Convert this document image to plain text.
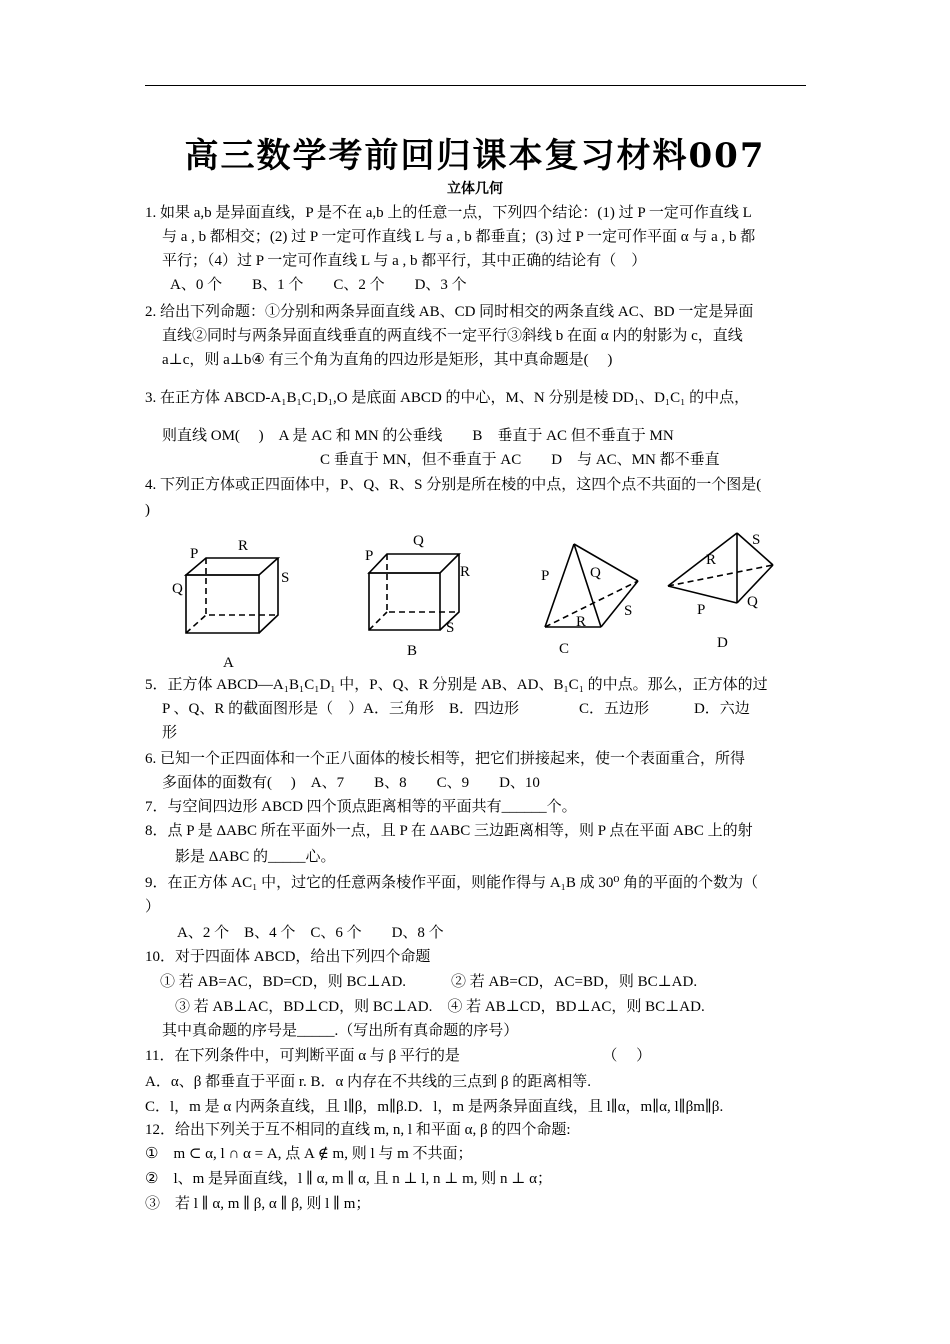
高三数学考前回归课本复习材料007
立体几何
1. 如果 a,b 是异面直线，P 是不在 a,b 上的任意一点，下列四个结论：(1) 过 P 一定可作直线 L
与 a , b 都相交；(2) 过 P 一定可作直线 L 与 a , b 都垂直；(3) 过 P 一定可作平面 α 与 a , b 都
平行；（4）过 P 一定可作直线 L 与 a , b 都平行，其中正确的结论有（　）
A、0 个　　B、1 个　　C、2 个　　D、3 个
2. 给出下列命题：①分别和两条异面直线 AB、CD 同时相交的两条直线 AC、BD 一定是异面
直线②同时与两条异面直线垂直的两直线不一定平行③斜线 b 在面 α 内的射影为 c，直线
a⊥c，则 a⊥b④ 有三个角为直角的四边形是矩形，其中真命题是(　 )
3. 在正方体 ABCD-A₁B₁C₁D₁,O 是底面 ABCD 的中心，M、N 分别是棱 DD₁、D₁C₁ 的中点，
则直线 OM(　 )　A 是 AC 和 MN 的公垂线　　B　垂直于 AC 但不垂直于 MN
C 垂直于 MN，但不垂直于 AC　　D　与 AC、MN 都不垂直
4. 下列正方体或正四面体中，P、Q、R、S 分别是所在棱的中点，这四个点不共面的一个图是(
)
P	R
Q
S
A
P
Q
R
S
B
P	Q
S
R
C
R
S
P	Q
D
5．正方体 ABCD—A₁B₁C₁D₁ 中，P、Q、R 分别是 AB、AD、B₁C₁ 的中点。那么，正方体的过
P 、Q、R 的截面图形是（　）A．三角形　B．四边形　　　　C．五边形　　　D．六边
形
6. 已知一个正四面体和一个正八面体的棱长相等，把它们拼接起来，使一个表面重合，所得
多面体的面数有(　 )　A、7　　B、8　　C、9　　D、10
7．与空间四边形 ABCD 四个顶点距离相等的平面共有______个。
8．点 P 是 ΔABC 所在平面外一点，且 P 在 ΔABC 三边距离相等，则 P 点在平面 ABC 上的射
影是 ΔABC 的_____心。
9．在正方体 AC₁ 中，过它的任意两条棱作平面，则能作得与 A₁B 成 30⁰ 角的平面的个数为（
）
A、2 个　B、4 个　C、6 个　　D、8 个
10．对于四面体 ABCD，给出下列四个命题
① 若 AB=AC，BD=CD，则 BC⊥AD.　　　② 若 AB=CD，AC=BD，则 BC⊥AD.
③ 若 AB⊥AC，BD⊥CD，则 BC⊥AD.　④ 若 AB⊥CD，BD⊥AC，则 BC⊥AD.
其中真命题的序号是_____.（写出所有真命题的序号）
11．在下列条件中，可判断平面 α 与 β 平行的是　　　　　　　　　　（　 ）
A．α、β 都垂直于平面 r. B．α 内存在不共线的三点到 β 的距离相等.
C．l，m 是 α 内两条直线，且 l∥β，m∥β.D．l，m 是两条异面直线，且 l∥α，m∥α, l∥βm∥β.
12．给出下列关于互不相同的直线 m, n, l 和平面 α, β 的四个命题:
①　m ⊂ α, l ∩ α = A, 点 A ∉ m, 则 l 与 m 不共面；
②　l、m 是异面直线，l ∥ α, m ∥ α, 且 n ⊥ l, n ⊥ m, 则 n ⊥ α；
③　若 l ∥ α, m ∥ β, α ∥ β, 则 l ∥ m；
